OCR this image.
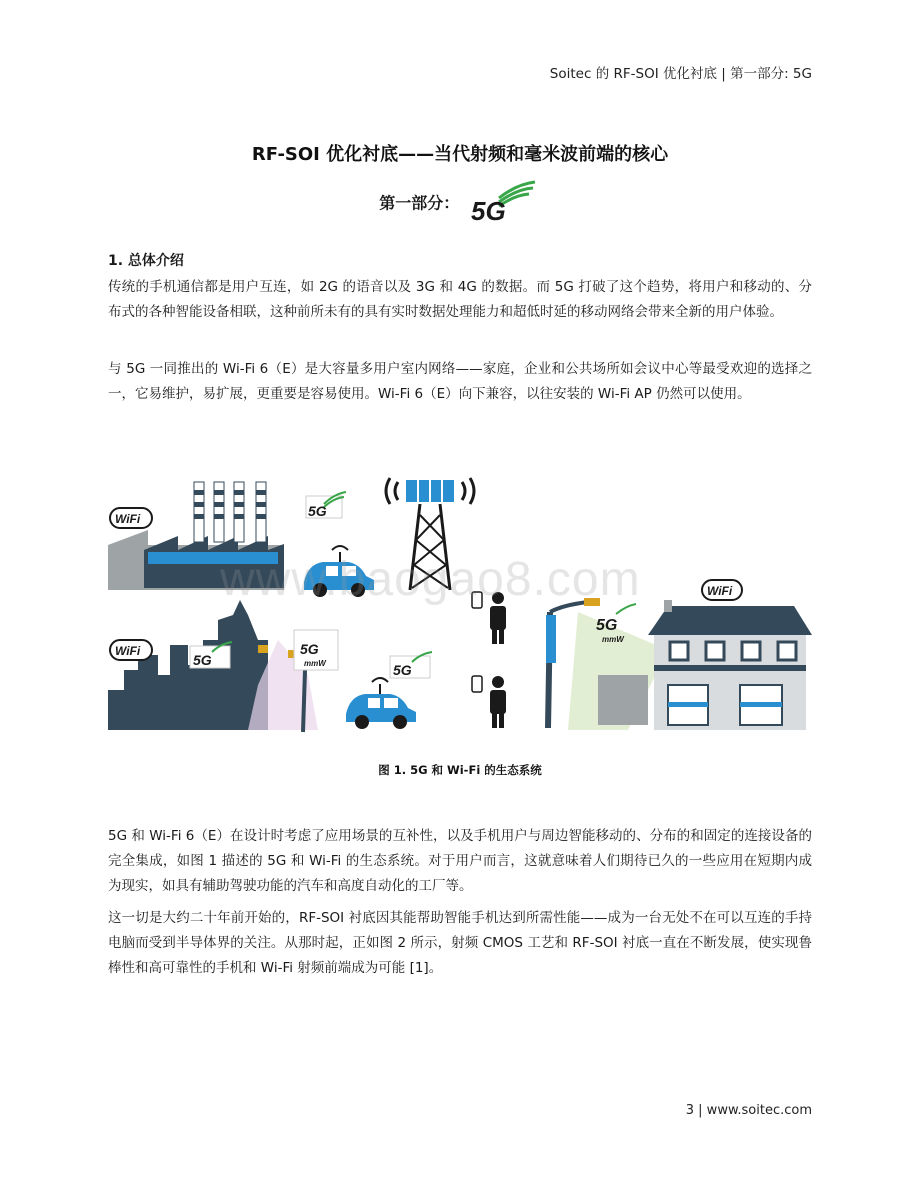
Soitec 的 RF-SOI 优化衬底 | 第一部分: 5G
RF-SOI 优化衬底——当代射频和毫米波前端的核心
第一部分： 5G
1. 总体介绍
传统的手机通信都是用户互连，如 2G 的语音以及 3G 和 4G 的数据。而 5G 打破了这个趋势，将用户和移动的、分布式的各种智能设备相联，这种前所未有的具有实时数据处理能力和超低时延的移动网络会带来全新的用户体验。
与 5G 一同推出的 Wi-Fi 6（E）是大容量多用户室内网络——家庭，企业和公共场所如会议中心等最受欢迎的选择之一，它易维护，易扩展，更重要是容易使用。Wi-Fi 6（E）向下兼容，以往安装的 Wi-Fi AP 仍然可以使用。
WiFi	5G
WiFi
5G
5G
mmW	5G
5G
mmW
WiFi
www.baogao8.com
图 1. 5G 和 Wi-Fi 的生态系统
5G 和 Wi-Fi 6（E）在设计时考虑了应用场景的互补性，以及手机用户与周边智能移动的、分布的和固定的连接设备的完全集成，如图 1 描述的 5G 和 Wi-Fi 的生态系统。对于用户而言，这就意味着人们期待已久的一些应用在短期内成为现实，如具有辅助驾驶功能的汽车和高度自动化的工厂等。
这一切是大约二十年前开始的，RF-SOI 衬底因其能帮助智能手机达到所需性能——成为一台无处不在可以互连的手持电脑而受到半导体界的关注。从那时起，正如图 2 所示，射频 CMOS 工艺和 RF-SOI 衬底一直在不断发展，使实现鲁棒性和高可靠性的手机和 Wi-Fi 射频前端成为可能 [1]。
3 | www.soitec.com
